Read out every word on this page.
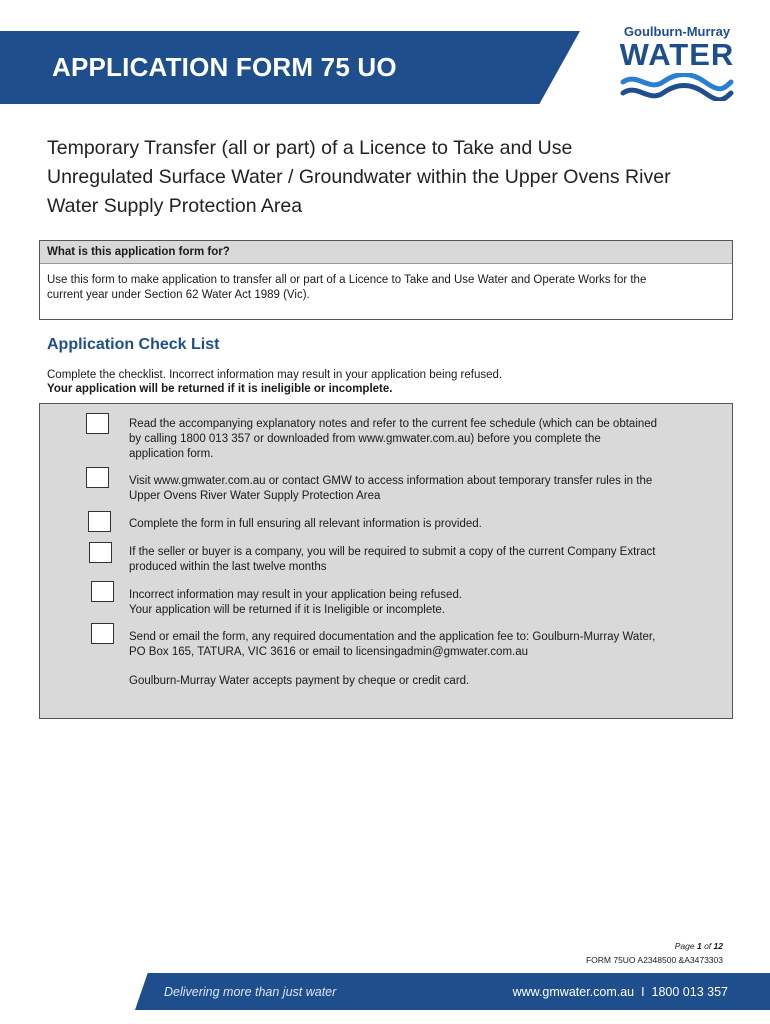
APPLICATION FORM 75 UO
Goulburn-Murray
WATER
Temporary Transfer (all or part) of a Licence to Take and Use
Unregulated Surface Water / Groundwater within the Upper Ovens River
Water Supply Protection Area
What is this application form for?
Use this form to make application to transfer all or part of a Licence to Take and Use Water and Operate Works for the
current year under Section 62 Water Act 1989 (Vic).
Application Check List
Complete the checklist. Incorrect information may result in your application being refused.
Your application will be returned if it is ineligible or incomplete.
Read the accompanying explanatory notes and refer to the current fee schedule (which can be obtained
by calling 1800 013 357 or downloaded from www.gmwater.com.au) before you complete the
application form.
Visit www.gmwater.com.au or contact GMW to access information about temporary transfer rules in the
Upper Ovens River Water Supply Protection Area
Complete the form in full ensuring all relevant information is provided.
If the seller or buyer is a company, you will be required to submit a copy of the current Company Extract
produced within the last twelve months
Incorrect information may result in your application being refused.
Your application will be returned if it is Ineligible or incomplete.
Send or email the form, any required documentation and the application fee to: Goulburn-Murray Water,
PO Box 165, TATURA, VIC 3616 or email to licensingadmin@gmwater.com.au
Goulburn-Murray Water accepts payment by cheque or credit card.
Page 1 of 12
FORM 75UO A2348500 &A3473303
Delivering more than just water	www.gmwater.com.au I 1800 013 357
